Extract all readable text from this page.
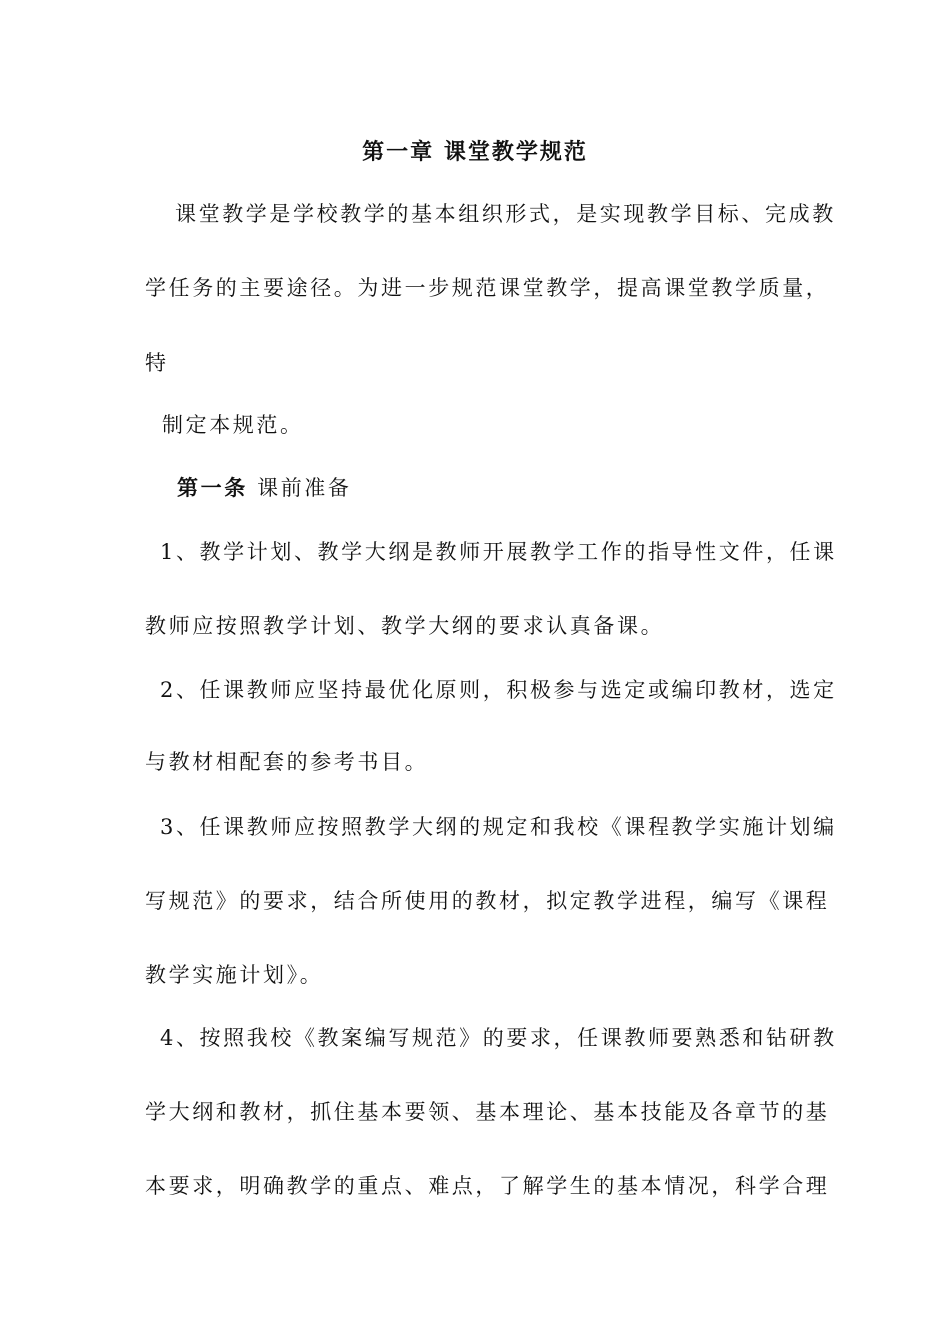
第一章 课堂教学规范
课堂教学是学校教学的基本组织形式，是实现教学目标、完成教
学任务的主要途径。为进一步规范课堂教学，提高课堂教学质量，
特
制定本规范。
第一条 课前准备
1、教学计划、教学大纲是教师开展教学工作的指导性文件，任课
教师应按照教学计划、教学大纲的要求认真备课。
2、任课教师应坚持最优化原则，积极参与选定或编印教材，选定
与教材相配套的参考书目。
3、任课教师应按照教学大纲的规定和我校《课程教学实施计划编
写规范》的要求，结合所使用的教材，拟定教学进程，编写《课程
教学实施计划》。
4、按照我校《教案编写规范》的要求，任课教师要熟悉和钻研教
学大纲和教材，抓住基本要领、基本理论、基本技能及各章节的基
本要求，明确教学的重点、难点，了解学生的基本情况，科学合理
